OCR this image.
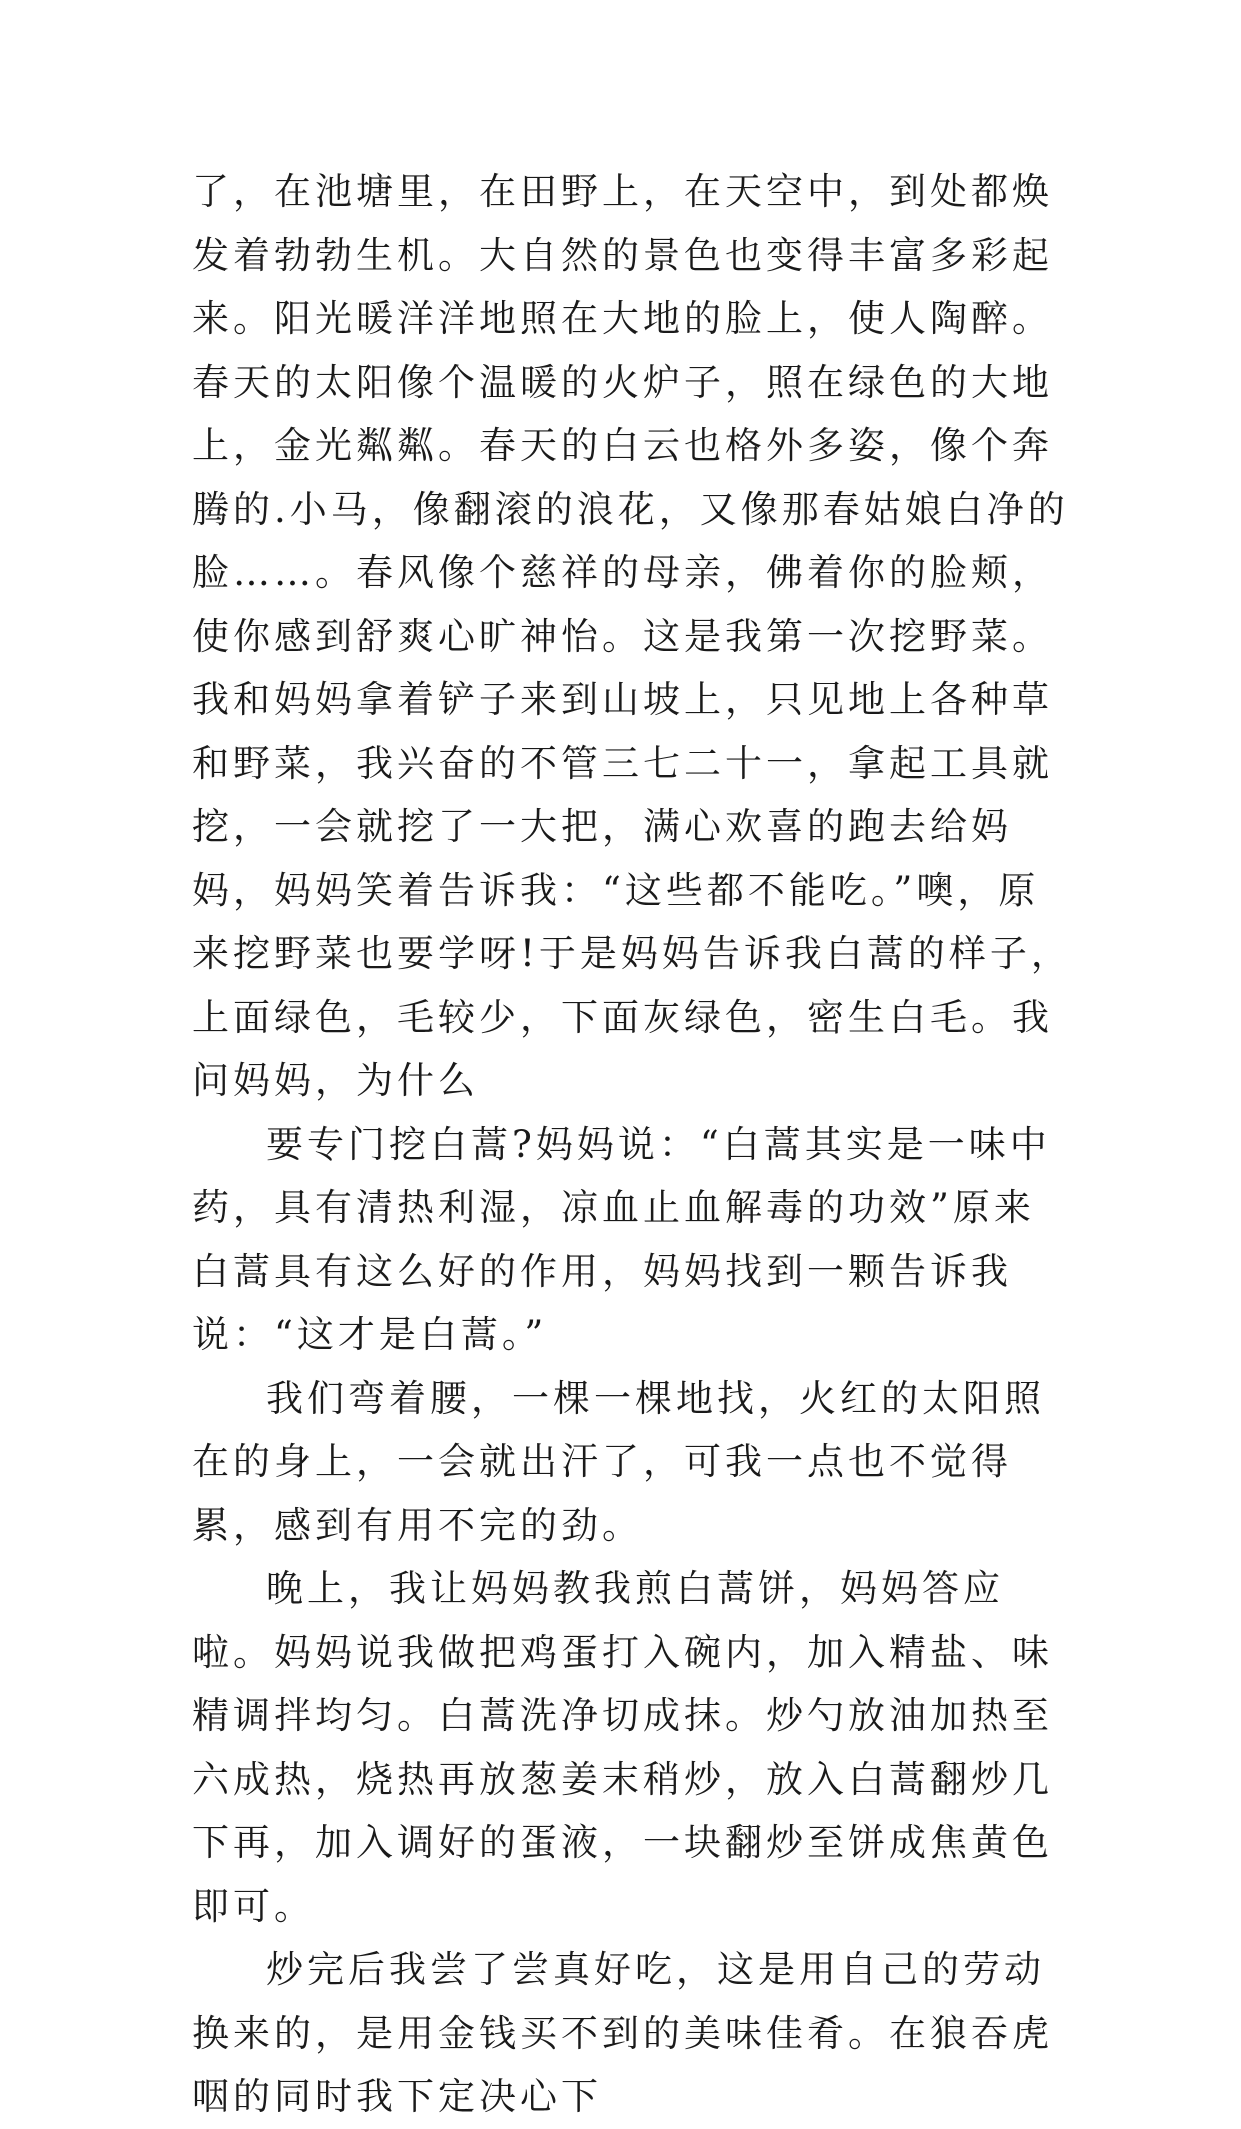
了，在池塘里，在田野上，在天空中，到处都焕发着勃勃生机。大自然的景色也变得丰富多彩起来。阳光暖洋洋地照在大地的脸上，使人陶醉。春天的太阳像个温暖的火炉子，照在绿色的大地上，金光粼粼。春天的白云也格外多姿，像个奔腾的.小马，像翻滚的浪花，又像那春姑娘白净的脸……。春风像个慈祥的母亲，佛着你的脸颊，使你感到舒爽心旷神怡。这是我第一次挖野菜。我和妈妈拿着铲子来到山坡上，只见地上各种草和野菜，我兴奋的不管三七二十一，拿起工具就挖，一会就挖了一大把，满心欢喜的跑去给妈妈，妈妈笑着告诉我：“这些都不能吃。”噢，原来挖野菜也要学呀!于是妈妈告诉我白蒿的样子，上面绿色，毛较少，下面灰绿色，密生白毛。我问妈妈，为什么

要专门挖白蒿?妈妈说：“白蒿其实是一味中药，具有清热利湿，凉血止血解毒的功效”原来白蒿具有这么好的作用，妈妈找到一颗告诉我说：“这才是白蒿。”

我们弯着腰，一棵一棵地找，火红的太阳照在的身上，一会就出汗了，可我一点也不觉得累，感到有用不完的劲。

晚上，我让妈妈教我煎白蒿饼，妈妈答应啦。妈妈说我做把鸡蛋打入碗内，加入精盐、味精调拌均匀。白蒿洗净切成抹。炒勺放油加热至六成热，烧热再放葱姜末稍炒，放入白蒿翻炒几下再，加入调好的蛋液，一块翻炒至饼成焦黄色即可。

炒完后我尝了尝真好吃，这是用自己的劳动换来的，是用金钱买不到的美味佳肴。在狼吞虎咽的同时我下定决心下
